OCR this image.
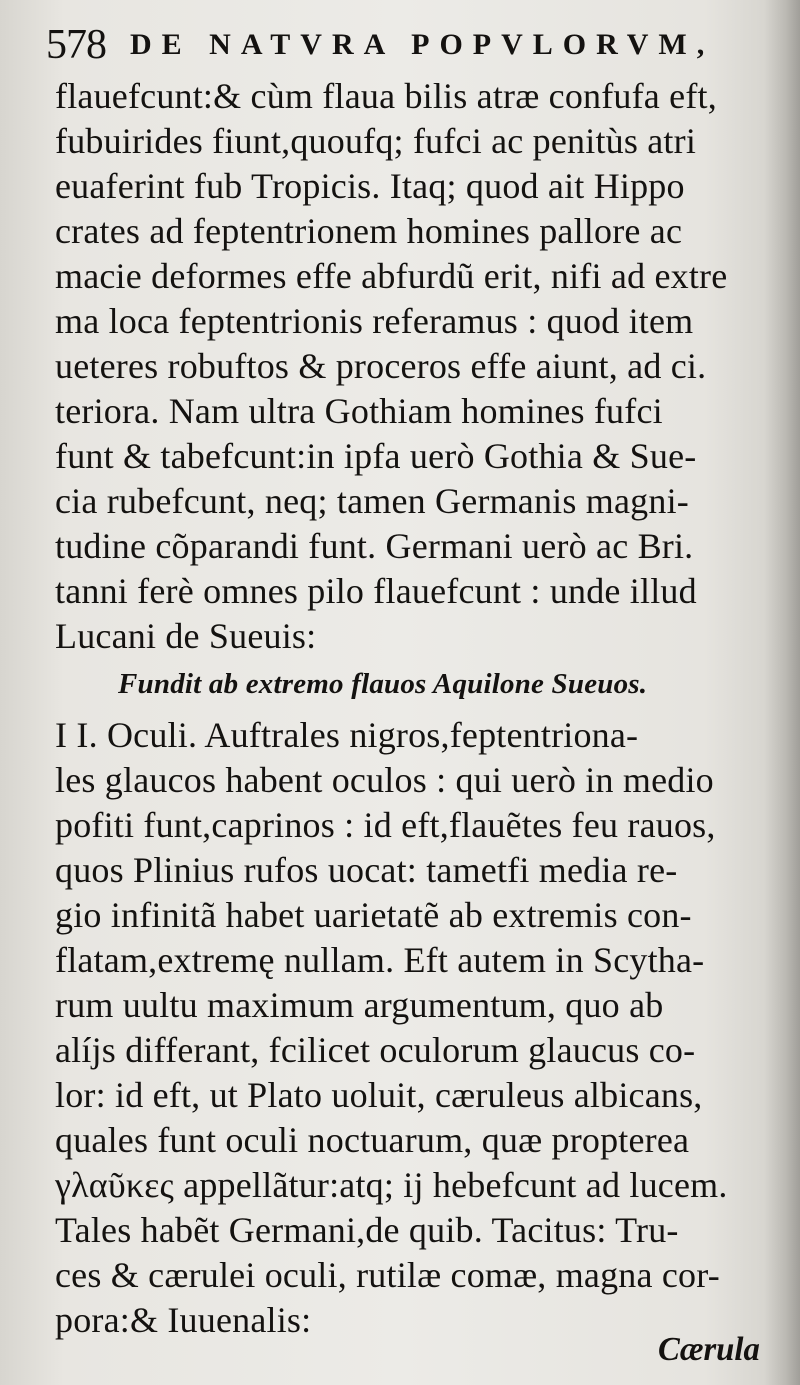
578 DE NATVRA POPVLORVM,
flauefcunt:& cùm flaua bilis atræ confufa eft,
fubuirides fiunt,quoufq; fufci ac penitùs atri
euaferint fub Tropicis. Itaq; quod ait Hippo
crates ad feptentrionem homines pallore ac
macie deformes effe abfurdũ erit, nifi ad extre
ma loca feptentrionis referamus : quod item
ueteres robuftos & proceros effe aiunt, ad ci.
teriora. Nam ultra Gothiam homines fufci
funt & tabefcunt:in ipfa uerò Gothia & Sue-
cia rubefcunt, neq; tamen Germanis magni-
tudine cõparandi funt. Germani uerò ac Bri.
tanni ferè omnes pilo flauefcunt : unde illud
Lucani de Sueuis:
Fundit ab extremo flauos Aquilone Sueuos.
I I. Oculi. Auftrales nigros,feptentriona-
les glaucos habent oculos : qui uerò in medio
pofiti funt,caprinos : id eft,flauẽtes feu rauos,
quos Plinius rufos uocat: tametfi media re-
gio infinitã habet uarietatẽ ab extremis con-
flatam,extremę nullam. Eft autem in Scytha-
rum uultu maximum argumentum, quo ab
alíjs differant, fcilicet oculorum glaucus co-
lor: id eft, ut Plato uoluit, cæruleus albicans,
quales funt oculi noctuarum, quæ propterea
γλαῦκες appellãtur:atq; ij hebefcunt ad lucem.
Tales habẽt Germani,de quib. Tacitus: Tru-
ces & cærulei oculi, rutilæ comæ, magna cor-
pora:& Iuuenalis:
Cærula
